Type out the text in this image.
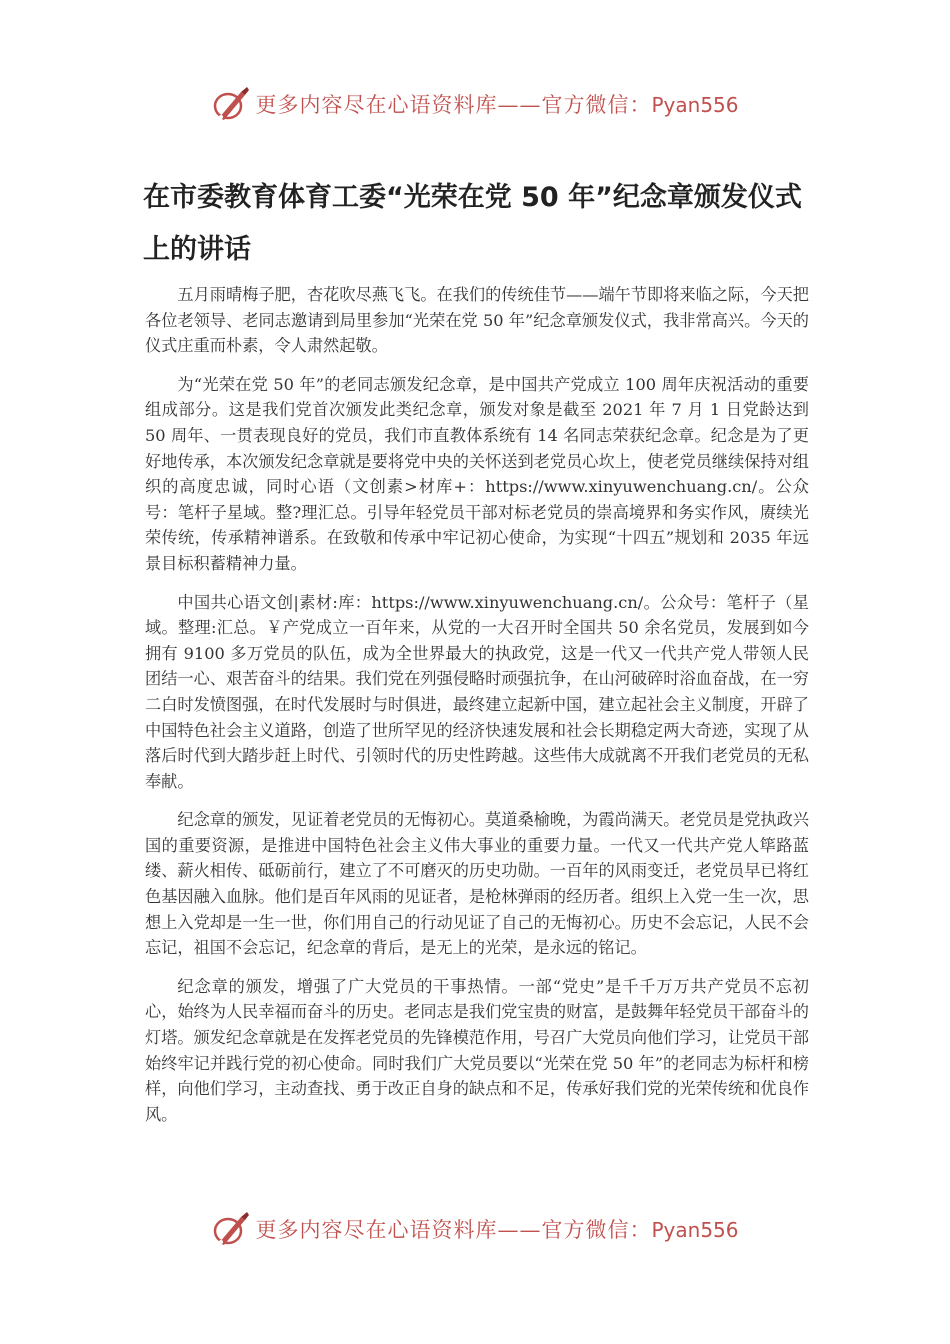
更多内容尽在心语资料库——官方微信：Pyan556
在市委教育体育工委“光荣在党 50 年”纪念章颁发仪式上的讲话

五月雨晴梅子肥，杏花吹尽燕飞飞。在我们的传统佳节——端午节即将来临之际，今天把各位老领导、老同志邀请到局里参加“光荣在党 50 年”纪念章颁发仪式，我非常高兴。今天的仪式庄重而朴素，令人肃然起敬。

为“光荣在党 50 年”的老同志颁发纪念章，是中国共产党成立 100 周年庆祝活动的重要组成部分。这是我们党首次颁发此类纪念章，颁发对象是截至 2021 年 7 月 1 日党龄达到 50 周年、一贯表现良好的党员，我们市直教体系统有 14 名同志荣获纪念章。纪念是为了更好地传承，本次颁发纪念章就是要将党中央的关怀送到老党员心坎上，使老党员继续保持对组织的高度忠诚，同时心语（文创素>材库+：https://www.xinyuwenchuang.cn/。公众号：笔杆子星域。整?理汇总。引导年轻党员干部对标老党员的崇高境界和务实作风，赓续光荣传统，传承精神谱系。在致敬和传承中牢记初心使命，为实现“十四五”规划和 2035 年远景目标积蓄精神力量。

中国共心语文创|素材:库：https://www.xinyuwenchuang.cn/。公众号：笔杆子（星域。整理:汇总。￥产党成立一百年来，从党的一大召开时全国共 50 余名党员，发展到如今拥有 9100 多万党员的队伍，成为全世界最大的执政党，这是一代又一代共产党人带领人民团结一心、艰苦奋斗的结果。我们党在列强侵略时顽强抗争，在山河破碎时浴血奋战，在一穷二白时发愤图强，在时代发展时与时俱进，最终建立起新中国，建立起社会主义制度，开辟了中国特色社会主义道路，创造了世所罕见的经济快速发展和社会长期稳定两大奇迹，实现了从落后时代到大踏步赶上时代、引领时代的历史性跨越。这些伟大成就离不开我们老党员的无私奉献。

纪念章的颁发，见证着老党员的无悔初心。莫道桑榆晚，为霞尚满天。老党员是党执政兴国的重要资源，是推进中国特色社会主义伟大事业的重要力量。一代又一代共产党人筚路蓝缕、薪火相传、砥砺前行，建立了不可磨灭的历史功勋。一百年的风雨变迁，老党员早已将红色基因融入血脉。他们是百年风雨的见证者，是枪林弹雨的经历者。组织上入党一生一次，思想上入党却是一生一世，你们用自己的行动见证了自己的无悔初心。历史不会忘记，人民不会忘记，祖国不会忘记，纪念章的背后，是无上的光荣，是永远的铭记。

纪念章的颁发，增强了广大党员的干事热情。一部“党史”是千千万万共产党员不忘初心，始终为人民幸福而奋斗的历史。老同志是我们党宝贵的财富，是鼓舞年轻党员干部奋斗的灯塔。颁发纪念章就是在发挥老党员的先锋模范作用，号召广大党员向他们学习，让党员干部始终牢记并践行党的初心使命。同时我们广大党员要以“光荣在党 50 年”的老同志为标杆和榜样，向他们学习，主动查找、勇于改正自身的缺点和不足，传承好我们党的光荣传统和优良作风。

更多内容尽在心语资料库——官方微信：Pyan556
